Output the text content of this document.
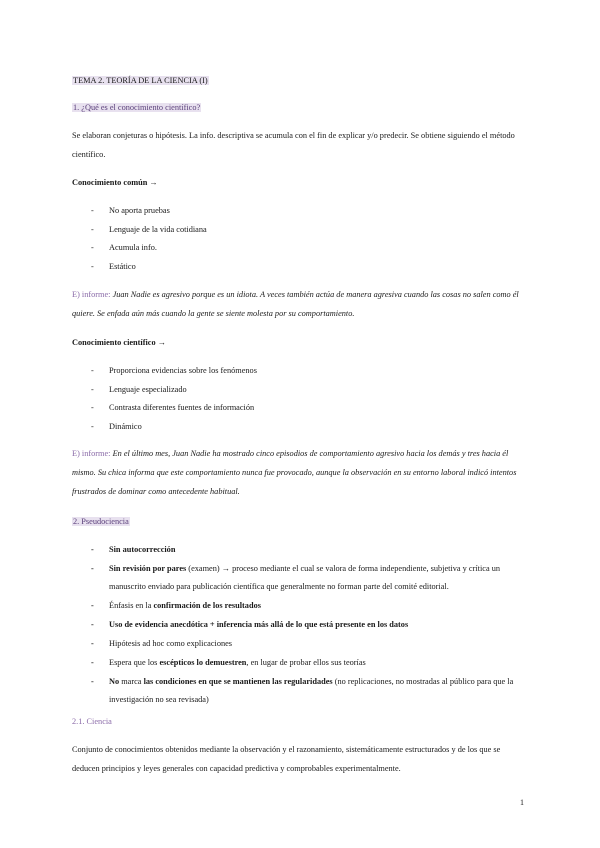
TEMA 2. TEORÍA DE LA CIENCIA (I)

1. ¿Qué es el conocimiento científico?

Se elaboran conjeturas o hipótesis. La info. descriptiva se acumula con el fin de explicar y/o predecir. Se obtiene siguiendo el método científico.

Conocimiento común →

- No aporta pruebas
- Lenguaje de la vida cotidiana
- Acumula info.
- Estático

E) informe: Juan Nadie es agresivo porque es un idiota. A veces también actúa de manera agresiva cuando las cosas no salen como él quiere. Se enfada aún más cuando la gente se siente molesta por su comportamiento.

Conocimiento científico →

- Proporciona evidencias sobre los fenómenos
- Lenguaje especializado
- Contrasta diferentes fuentes de información
- Dinámico

E) informe: En el último mes, Juan Nadie ha mostrado cinco episodios de comportamiento agresivo hacia los demás y tres hacia él mismo. Su chica informa que este comportamiento nunca fue provocado, aunque la observación en su entorno laboral indicó intentos frustrados de dominar como antecedente habitual.

2. Pseudociencia

- Sin autocorrección
- Sin revisión por pares (examen) → proceso mediante el cual se valora de forma independiente, subjetiva y crítica un manuscrito enviado para publicación científica que generalmente no forman parte del comité editorial.
- Énfasis en la confirmación de los resultados
- Uso de evidencia anecdótica + inferencia más allá de lo que está presente en los datos
- Hipótesis ad hoc como explicaciones
- Espera que los escépticos lo demuestren, en lugar de probar ellos sus teorías
- No marca las condiciones en que se mantienen las regularidades (no replicaciones, no mostradas al público para que la investigación no sea revisada)

2.1. Ciencia

Conjunto de conocimientos obtenidos mediante la observación y el razonamiento, sistemáticamente estructurados y de los que se deducen principios y leyes generales con capacidad predictiva y comprobables experimentalmente.

1
